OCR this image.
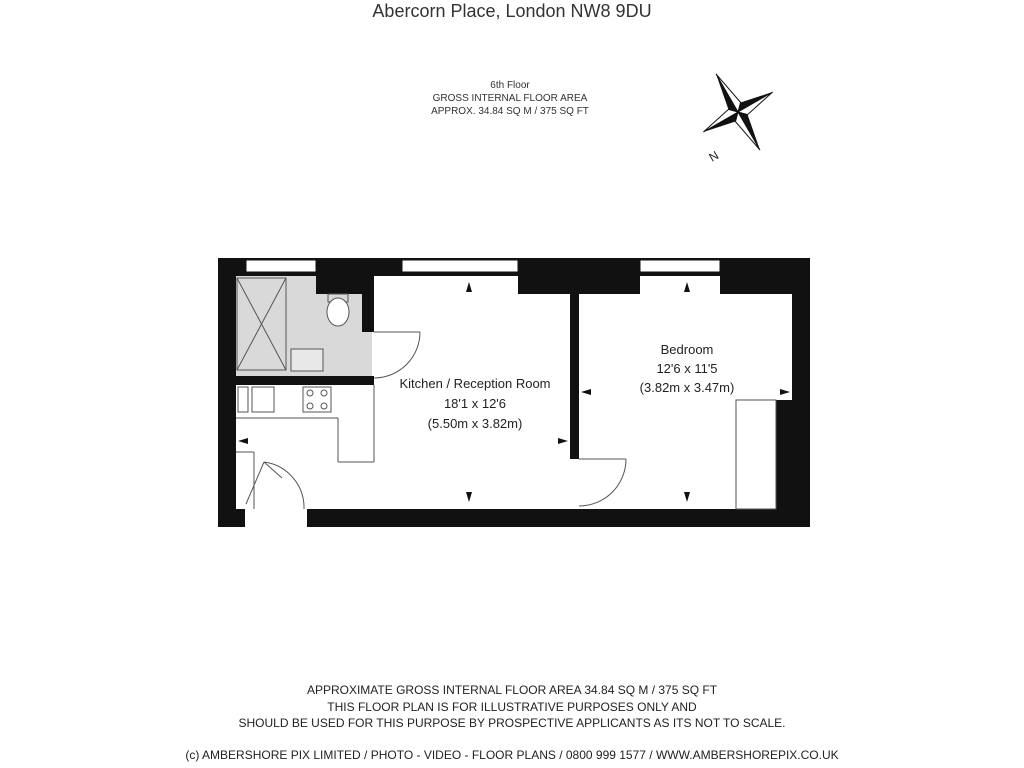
Abercorn Place, London NW8 9DU
6th Floor
GROSS INTERNAL FLOOR AREA
APPROX. 34.84 SQ M / 375 SQ FT
N
Kitchen / Reception Room
18'1 x 12'6
(5.50m x 3.82m)
Bedroom
12'6 x 11'5
(3.82m x 3.47m)
APPROXIMATE GROSS INTERNAL FLOOR AREA 34.84 SQ M / 375 SQ FT
THIS FLOOR PLAN IS FOR ILLUSTRATIVE PURPOSES ONLY AND
SHOULD BE USED FOR THIS PURPOSE BY PROSPECTIVE APPLICANTS AS ITS NOT TO SCALE.
(c) AMBERSHORE PIX LIMITED / PHOTO - VIDEO - FLOOR PLANS / 0800 999 1577 / WWW.AMBERSHOREPIX.CO.UK
